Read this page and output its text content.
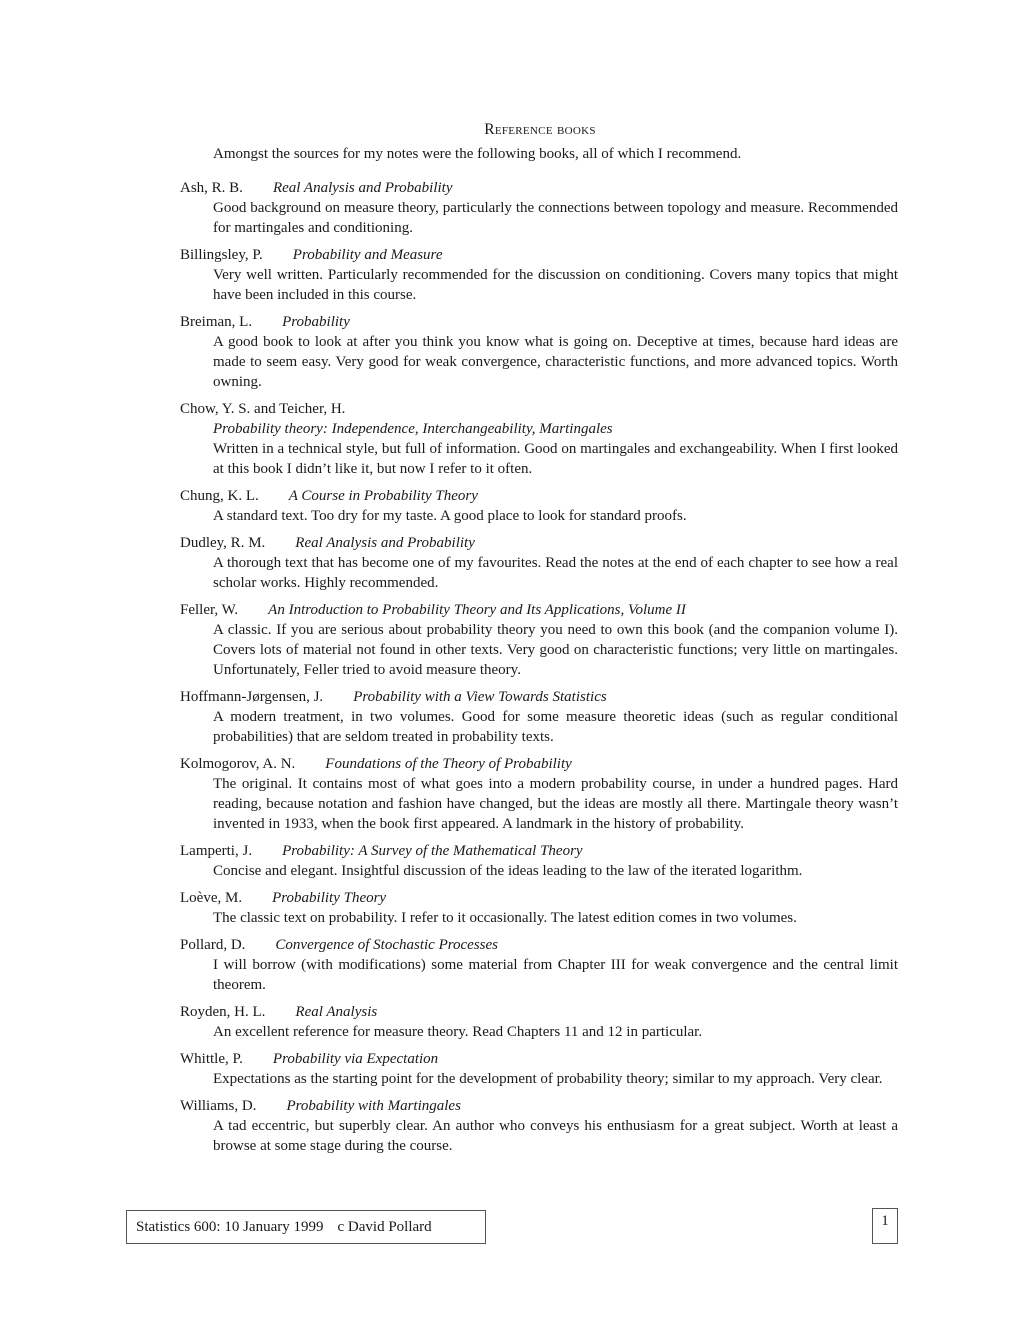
Reference books
Amongst the sources for my notes were the following books, all of which I recommend.
Ash, R. B. Real Analysis and Probability
Good background on measure theory, particularly the connections between topology and measure. Recommended for martingales and conditioning.
Billingsley, P. Probability and Measure
Very well written. Particularly recommended for the discussion on conditioning. Covers many topics that might have been included in this course.
Breiman, L. Probability
A good book to look at after you think you know what is going on. Deceptive at times, because hard ideas are made to seem easy. Very good for weak convergence, characteristic functions, and more advanced topics. Worth owning.
Chow, Y. S. and Teicher, H.
Probability theory: Independence, Interchangeability, Martingales
Written in a technical style, but full of information. Good on martingales and exchangeability. When I first looked at this book I didn’t like it, but now I refer to it often.
Chung, K. L. A Course in Probability Theory
A standard text. Too dry for my taste. A good place to look for standard proofs.
Dudley, R. M. Real Analysis and Probability
A thorough text that has become one of my favourites. Read the notes at the end of each chapter to see how a real scholar works. Highly recommended.
Feller, W. An Introduction to Probability Theory and Its Applications, Volume II
A classic. If you are serious about probability theory you need to own this book (and the companion volume I). Covers lots of material not found in other texts. Very good on characteristic functions; very little on martingales. Unfortunately, Feller tried to avoid measure theory.
Hoffmann-Jørgensen, J. Probability with a View Towards Statistics
A modern treatment, in two volumes. Good for some measure theoretic ideas (such as regular conditional probabilities) that are seldom treated in probability texts.
Kolmogorov, A. N. Foundations of the Theory of Probability
The original. It contains most of what goes into a modern probability course, in under a hundred pages. Hard reading, because notation and fashion have changed, but the ideas are mostly all there. Martingale theory wasn’t invented in 1933, when the book first appeared. A landmark in the history of probability.
Lamperti, J. Probability: A Survey of the Mathematical Theory
Concise and elegant. Insightful discussion of the ideas leading to the law of the iterated logarithm.
Loève, M. Probability Theory
The classic text on probability. I refer to it occasionally. The latest edition comes in two volumes.
Pollard, D. Convergence of Stochastic Processes
I will borrow (with modifications) some material from Chapter III for weak convergence and the central limit theorem.
Royden, H. L. Real Analysis
An excellent reference for measure theory. Read Chapters 11 and 12 in particular.
Whittle, P. Probability via Expectation
Expectations as the starting point for the development of probability theory; similar to my approach. Very clear.
Williams, D. Probability with Martingales
A tad eccentric, but superbly clear. An author who conveys his enthusiasm for a great subject. Worth at least a browse at some stage during the course.
Statistics 600: 10 January 1999 c David Pollard	1
